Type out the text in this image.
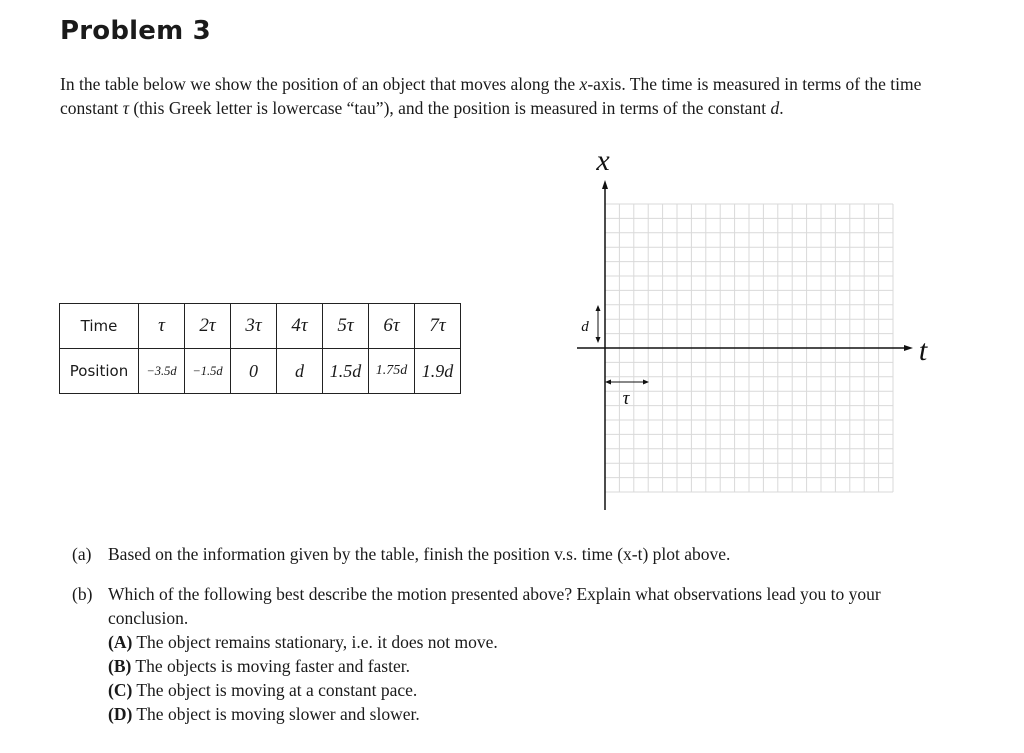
Problem 3
In the table below we show the position of an object that moves along the x-axis. The time is measured in terms of the time constant τ (this Greek letter is lowercase “tau”), and the position is measured in terms of the constant d.
Time	τ	2τ	3τ	4τ	5τ	6τ	7τ
Position	−3.5d	−1.5d	0	d	1.5d	1.75d	1.9d
x
t
d
τ
(a) Based on the information given by the table, finish the position v.s. time (x-t) plot above.
(b) Which of the following best describe the motion presented above? Explain what observations lead you to your conclusion.
(A) The object remains stationary, i.e. it does not move.
(B) The objects is moving faster and faster.
(C) The object is moving at a constant pace.
(D) The object is moving slower and slower.
